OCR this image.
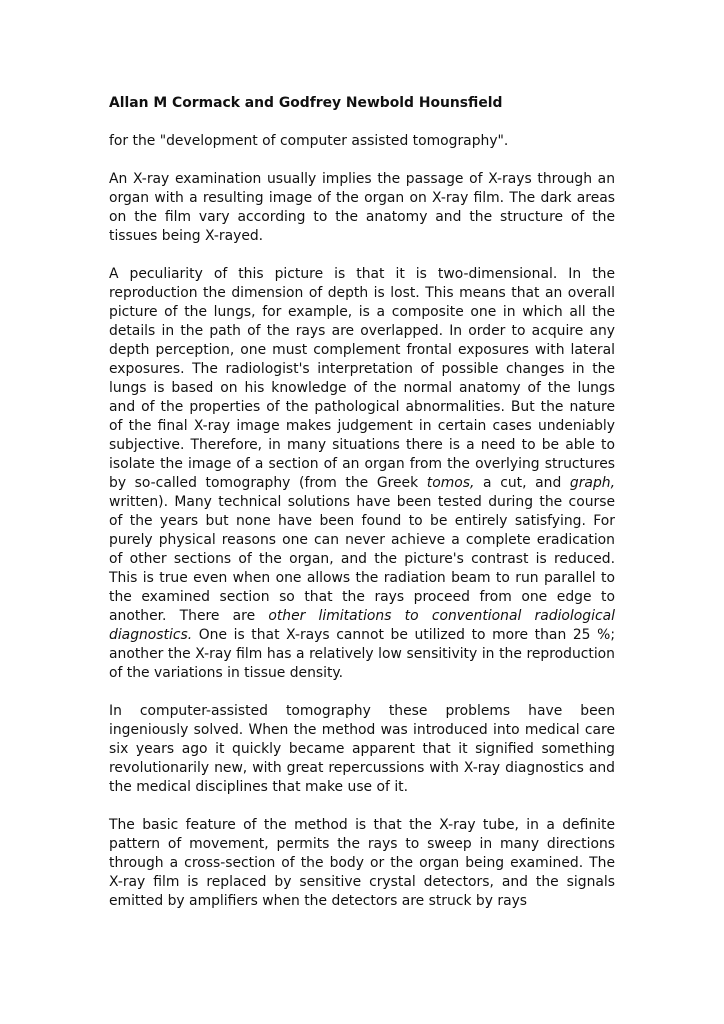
Allan M Cormack and Godfrey Newbold Hounsfield

for the "development of computer assisted tomography".

An X-ray examination usually implies the passage of X-rays through an organ with a resulting image of the organ on X-ray film. The dark areas on the film vary according to the anatomy and the structure of the tissues being X-rayed.

A peculiarity of this picture is that it is two-dimensional. In the reproduction the dimension of depth is lost. This means that an overall picture of the lungs, for example, is a composite one in which all the details in the path of the rays are overlapped. In order to acquire any depth perception, one must complement frontal exposures with lateral exposures. The radiologist's interpretation of possible changes in the lungs is based on his knowledge of the normal anatomy of the lungs and of the properties of the pathological abnormalities. But the nature of the final X-ray image makes judgement in certain cases undeniably subjective. Therefore, in many situations there is a need to be able to isolate the image of a section of an organ from the overlying structures by so-called tomography (from the Greek tomos, a cut, and graph, written). Many technical solutions have been tested during the course of the years but none have been found to be entirely satisfying. For purely physical reasons one can never achieve a complete eradication of other sections of the organ, and the picture's contrast is reduced. This is true even when one allows the radiation beam to run parallel to the examined section so that the rays proceed from one edge to another. There are other limitations to conventional radiological diagnostics. One is that X-rays cannot be utilized to more than 25 %; another the X-ray film has a relatively low sensitivity in the reproduction of the variations in tissue density.

In computer-assisted tomography these problems have been ingeniously solved. When the method was introduced into medical care six years ago it quickly became apparent that it signified something revolutionarily new, with great repercussions with X-ray diagnostics and the medical disciplines that make use of it.

The basic feature of the method is that the X-ray tube, in a definite pattern of movement, permits the rays to sweep in many directions through a cross-section of the body or the organ being examined. The X-ray film is replaced by sensitive crystal detectors, and the signals emitted by amplifiers when the detectors are struck by rays
